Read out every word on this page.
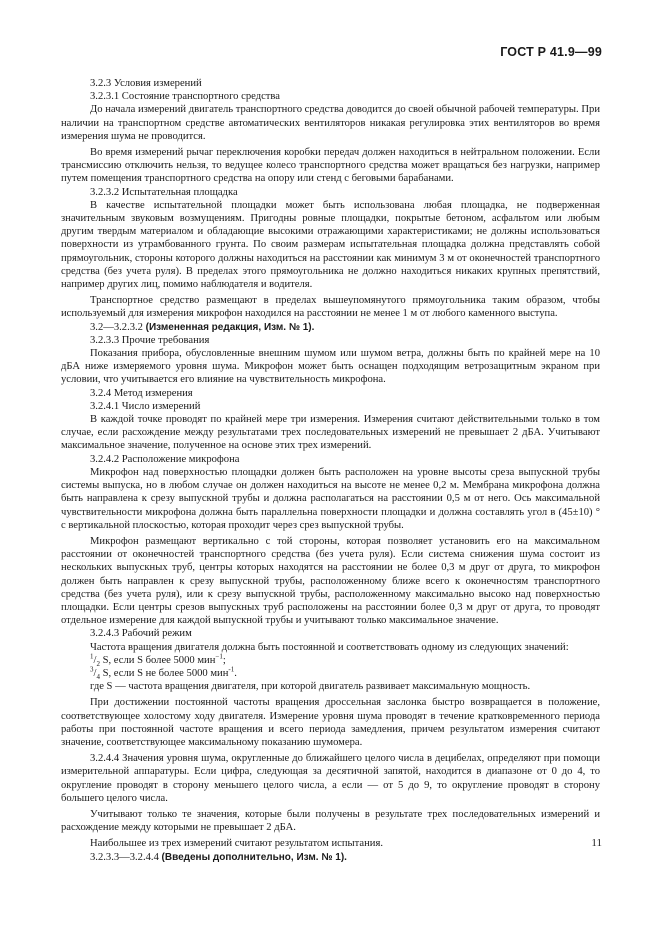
ГОСТ Р 41.9—99

3.2.3 Условия измерений

3.2.3.1 Состояние транспортного средства

До начала измерений двигатель транспортного средства доводится до своей обычной рабочей температуры. При наличии на транспортном средстве автоматических вентиляторов никакая регулировка этих вентиляторов во время измерения шума не проводится.

Во время измерений рычаг переключения коробки передач должен находиться в нейтральном положении. Если трансмиссию отключить нельзя, то ведущее колесо транспортного средства может вращаться без нагрузки, например путем помещения транспортного средства на опору или стенд с беговыми барабанами.

3.2.3.2 Испытательная площадка

В качестве испытательной площадки может быть использована любая площадка, не подверженная значительным звуковым возмущениям. Пригодны ровные площадки, покрытые бетоном, асфальтом или любым другим твердым материалом и обладающие высокими отражающими характеристиками; не должны использоваться поверхности из утрамбованного грунта. По своим размерам испытательная площадка должна представлять собой прямоугольник, стороны которого должны находиться на расстоянии как минимум 3 м от оконечностей транспортного средства (без учета руля). В пределах этого прямоугольника не должно находиться никаких крупных препятствий, например других лиц, помимо наблюдателя и водителя.

Транспортное средство размещают в пределах вышеупомянутого прямоугольника таким образом, чтобы используемый для измерения микрофон находился на расстоянии не менее 1 м от любого каменного выступа.

3.2—3.2.3.2 (Измененная редакция, Изм. № 1).

3.2.3.3 Прочие требования

Показания прибора, обусловленные внешним шумом или шумом ветра, должны быть по крайней мере на 10 дБА ниже измеряемого уровня шума. Микрофон может быть оснащен подходящим ветрозащитным экраном при условии, что учитывается его влияние на чувствительность микрофона.

3.2.4 Метод измерения

3.2.4.1 Число измерений

В каждой точке проводят по крайней мере три измерения. Измерения считают действительными только в том случае, если расхождение между результатами трех последовательных измерений не превышает 2 дБА. Учитывают максимальное значение, полученное на основе этих трех измерений.

3.2.4.2 Расположение микрофона

Микрофон над поверхностью площадки должен быть расположен на уровне высоты среза выпускной трубы системы выпуска, но в любом случае он должен находиться на высоте не менее 0,2 м. Мембрана микрофона должна быть направлена к срезу выпускной трубы и должна располагаться на расстоянии 0,5 м от него. Ось максимальной чувствительности микрофона должна быть параллельна поверхности площадки и должна составлять угол в (45±10) ° с вертикальной плоскостью, которая проходит через срез выпускной трубы.

Микрофон размещают вертикально с той стороны, которая позволяет установить его на максимальном расстоянии от оконечностей транспортного средства (без учета руля). Если система снижения шума состоит из нескольких выпускных труб, центры которых находятся на расстоянии не более 0,3 м друг от друга, то микрофон должен быть направлен к срезу выпускной трубы, расположенному ближе всего к оконечностям транспортного средства (без учета руля), или к срезу выпускной трубы, расположенному максимально высоко над поверхностью площадки. Если центры срезов выпускных труб расположены на расстоянии более 0,3 м друг от друга, то проводят отдельное измерение для каждой выпускной трубы и учитывают только максимальное значение.

3.2.4.3 Рабочий режим

Частота вращения двигателя должна быть постоянной и соответствовать одному из следующих значений:

$^1/_2$ S, если S более 5000 мин$^{-1}$;

$^3/_4$ S, если S не более 5000 мин$^{-1}$.

где S — частота вращения двигателя, при которой двигатель развивает максимальную мощность.

При достижении постоянной частоты вращения дроссельная заслонка быстро возвращается в положение, соответствующее холостому ходу двигателя. Измерение уровня шума проводят в течение кратковременного периода работы при постоянной частоте вращения и всего периода замедления, причем результатом измерения считают значение, соответствующее максимальному показанию шумомера.

3.2.4.4 Значения уровня шума, округленные до ближайшего целого числа в децибелах, определяют при помощи измерительной аппаратуры. Если цифра, следующая за десятичной запятой, находится в диапазоне от 0 до 4, то округление проводят в сторону меньшего целого числа, а если — от 5 до 9, то округление проводят в сторону большего целого числа.

Учитывают только те значения, которые были получены в результате трех последовательных измерений и расхождение между которыми не превышает 2 дБА.

Наибольшее из трех измерений считают результатом испытания.

3.2.3.3—3.2.4.4 (Введены дополнительно, Изм. № 1).

11
